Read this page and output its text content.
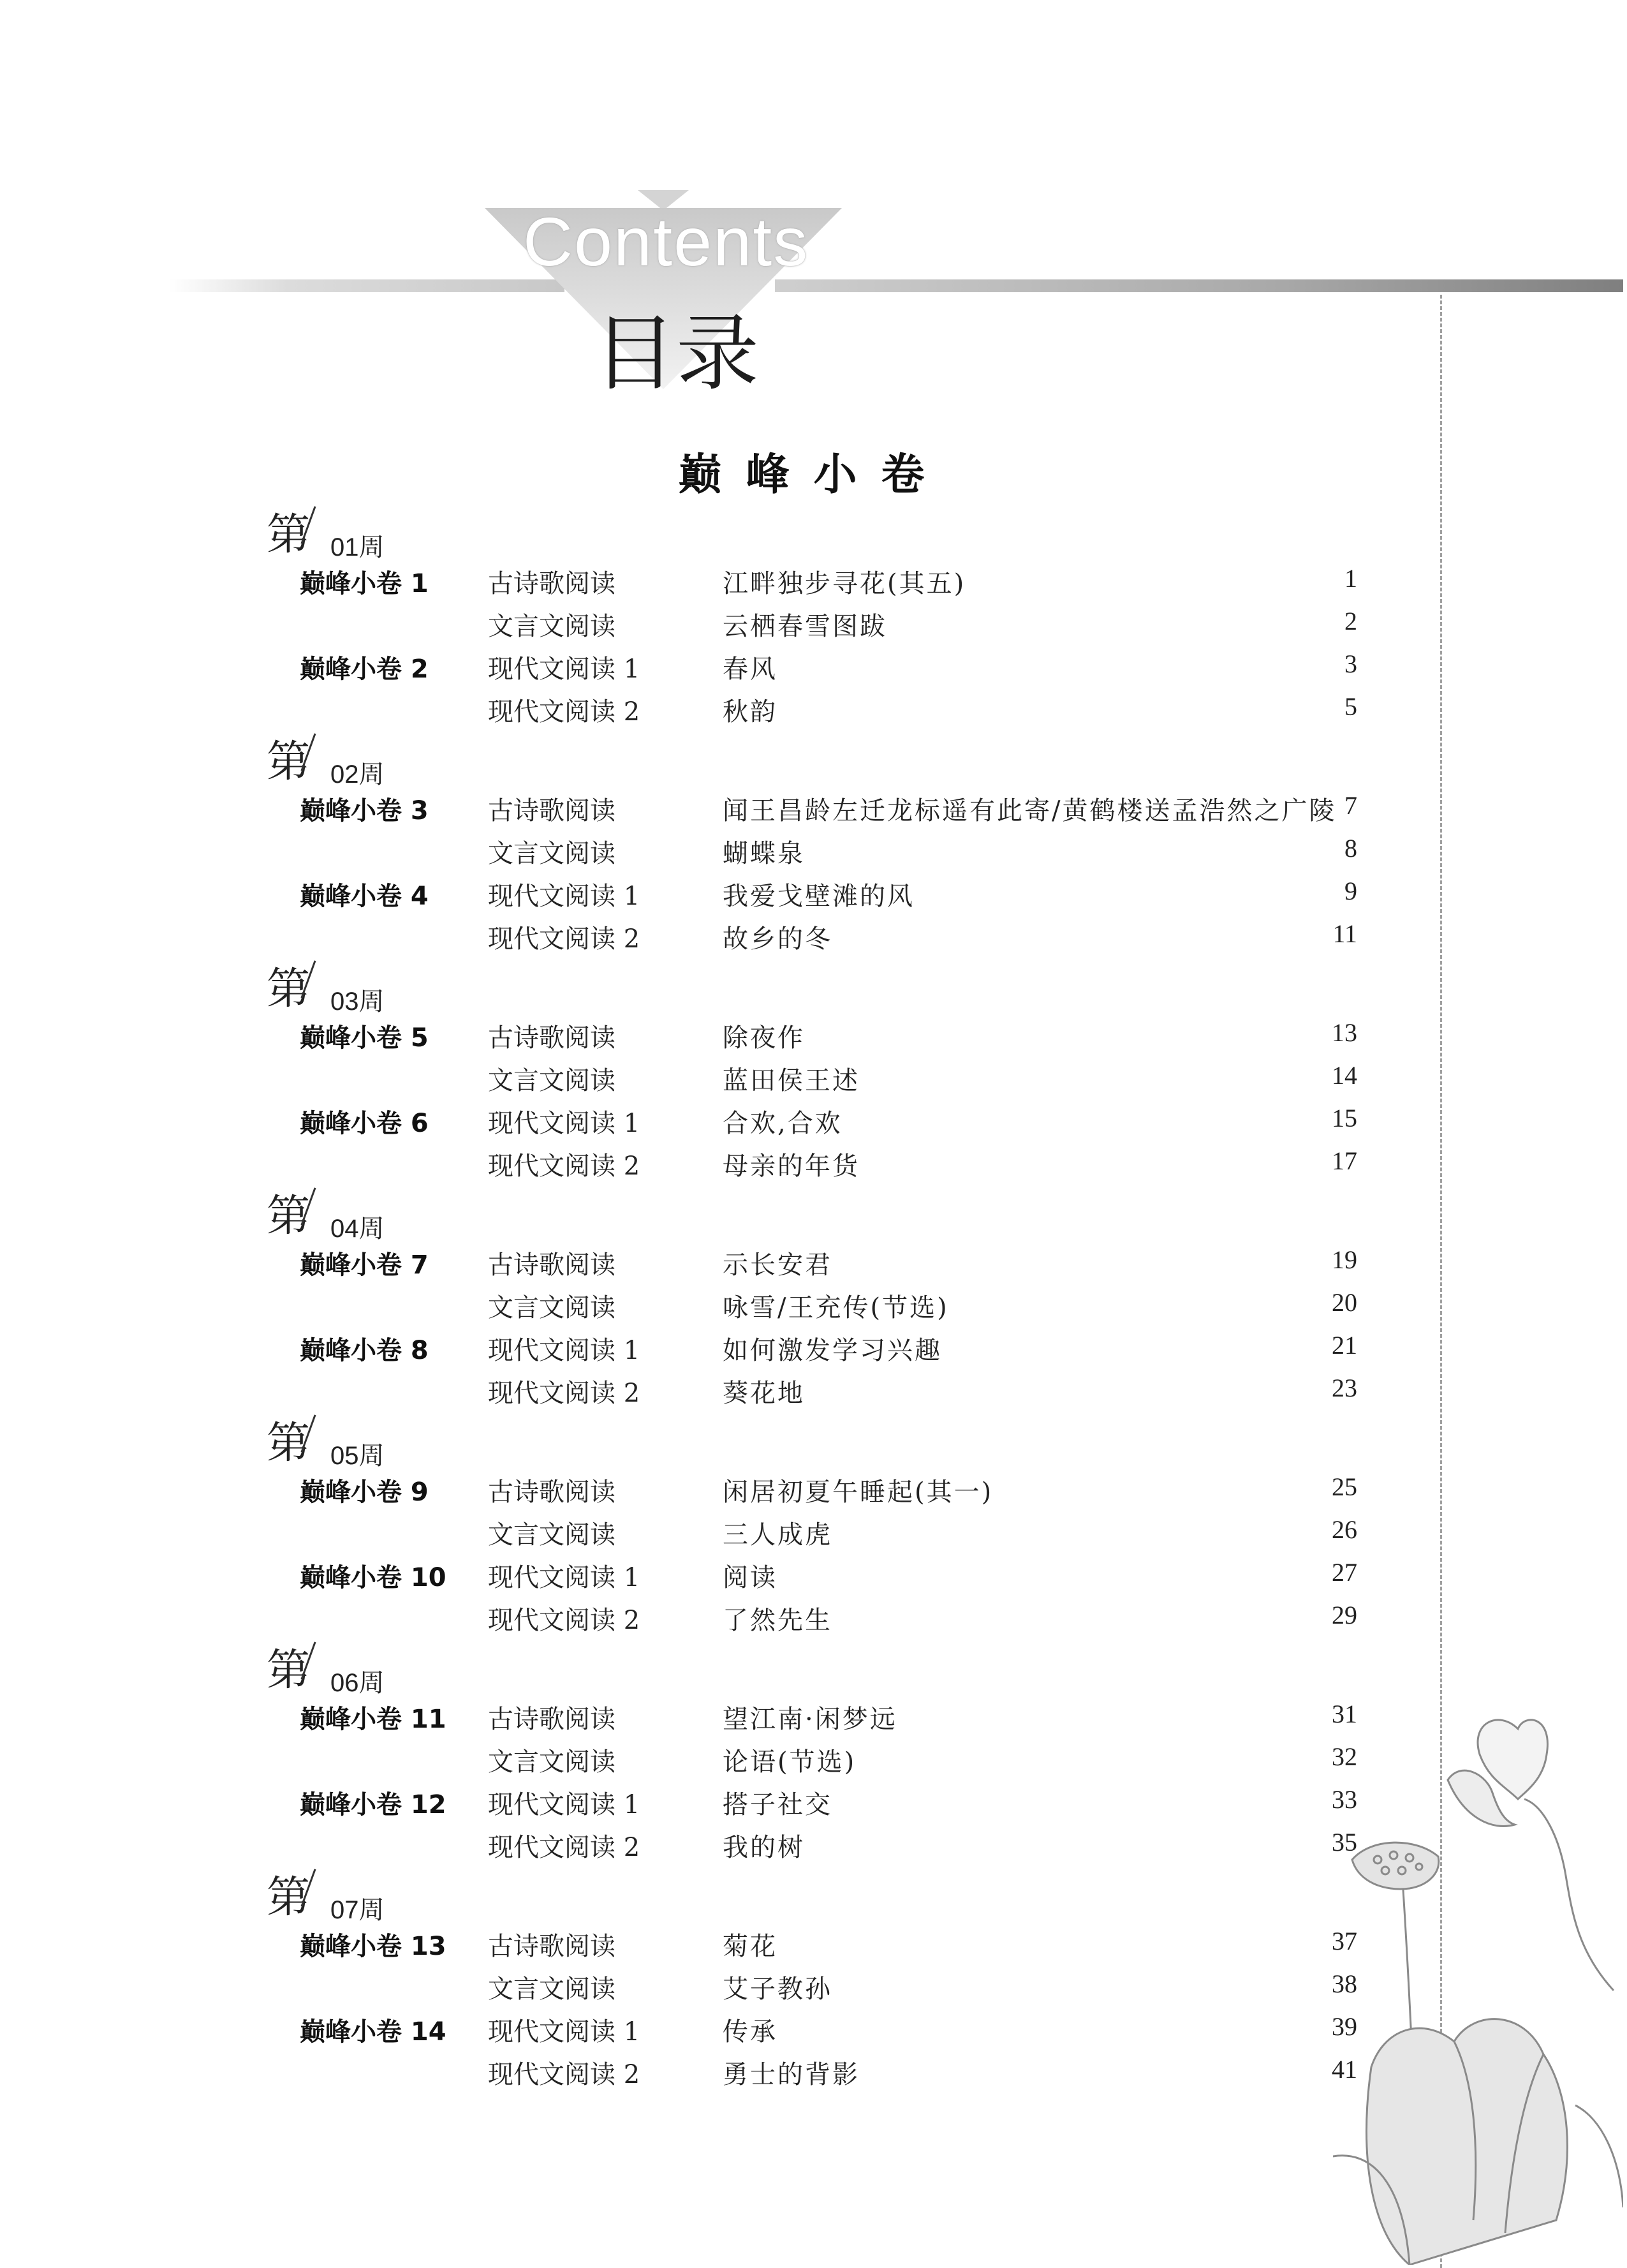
Contents
目录
巅峰小卷
第 01周
巅峰小卷 1 古诗歌阅读	江畔独步寻花(其五)	1
文言文阅读	云栖春雪图跋	2
巅峰小卷 2 现代文阅读 1	春风	3
现代文阅读 2	秋韵	5
第 02周
巅峰小卷 3 古诗歌阅读	闻王昌龄左迁龙标遥有此寄/黄鹤楼送孟浩然之广陵 7
文言文阅读	蝴蝶泉	8
巅峰小卷 4 现代文阅读 1	我爱戈壁滩的风	9
现代文阅读 2	故乡的冬	11
第 03周
巅峰小卷 5 古诗歌阅读	除夜作	13
文言文阅读	蓝田侯王述	14
巅峰小卷 6 现代文阅读 1	合欢,合欢	15
现代文阅读 2	母亲的年货	17
第 04周
巅峰小卷 7 古诗歌阅读	示长安君	19
文言文阅读	咏雪/王充传(节选)	20
巅峰小卷 8 现代文阅读 1	如何激发学习兴趣	21
现代文阅读 2	葵花地	23
第 05周
巅峰小卷 9 古诗歌阅读	闲居初夏午睡起(其一)	25
文言文阅读	三人成虎	26
巅峰小卷 10 现代文阅读 1	阅读	27
现代文阅读 2	了然先生	29
第 06周
巅峰小卷 11 古诗歌阅读	望江南·闲梦远	31
文言文阅读	论语(节选)	32
巅峰小卷 12 现代文阅读 1	搭子社交	33
现代文阅读 2	我的树	35
第 07周
巅峰小卷 13 古诗歌阅读	菊花	37
文言文阅读	艾子教孙	38
巅峰小卷 14 现代文阅读 1	传承	39
现代文阅读 2	勇士的背影	41
